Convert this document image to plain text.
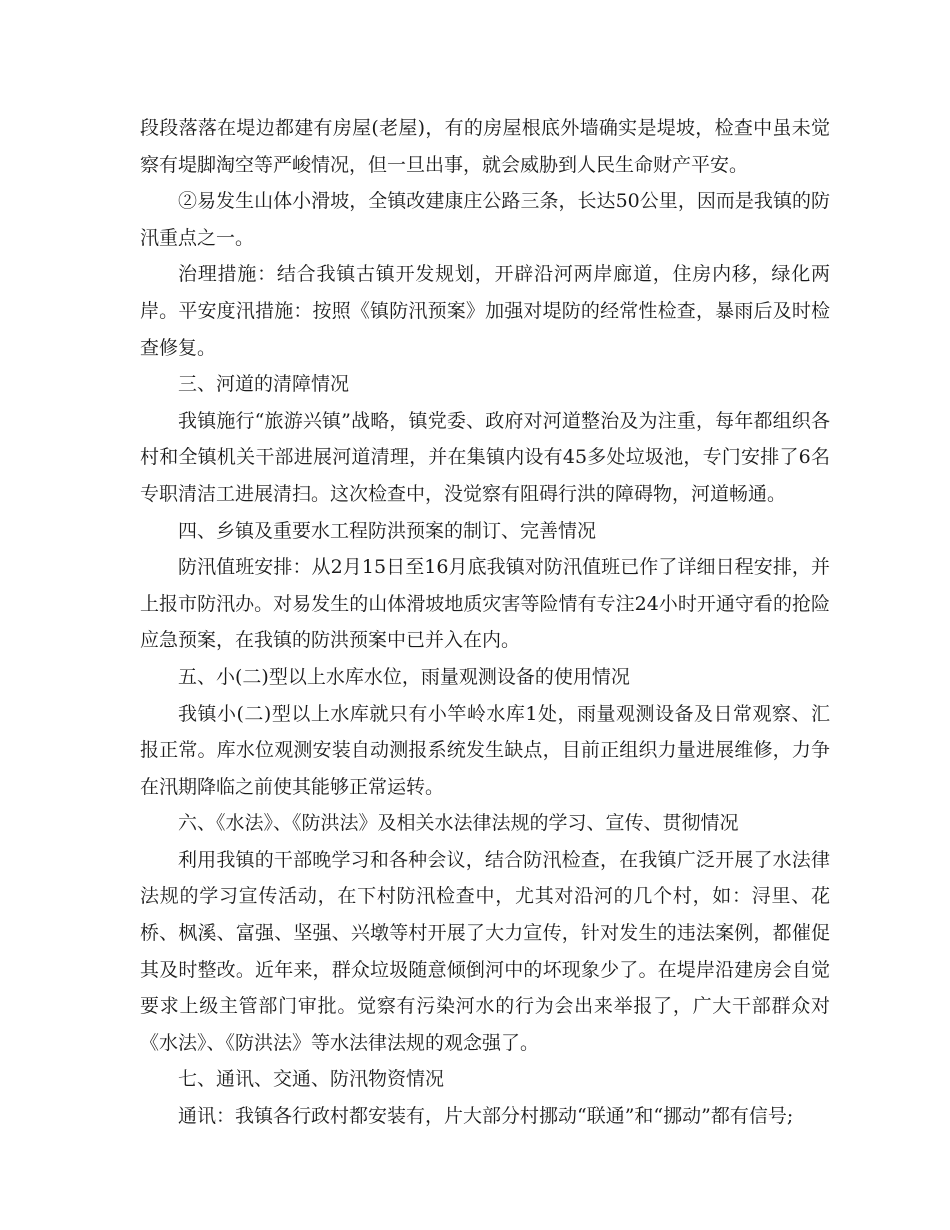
段段落落在堤边都建有房屋(老屋)，有的房屋根底外墙确实是堤坡，检查中虽未觉察有堤脚淘空等严峻情况，但一旦出事，就会威胁到人民生命财产平安。

②易发生山体小滑坡，全镇改建康庄公路三条，长达50公里，因而是我镇的防汛重点之一。

治理措施：结合我镇古镇开发规划，开辟沿河两岸廊道，住房内移，绿化两岸。平安度汛措施：按照《镇防汛预案》加强对堤防的经常性检查，暴雨后及时检查修复。

三、河道的清障情况

我镇施行“旅游兴镇”战略，镇党委、政府对河道整治及为注重，每年都组织各村和全镇机关干部进展河道清理，并在集镇内设有45多处垃圾池，专门安排了6名专职清洁工进展清扫。这次检查中，没觉察有阻碍行洪的障碍物，河道畅通。

四、乡镇及重要水工程防洪预案的制订、完善情况

防汛值班安排：从2月15日至16月底我镇对防汛值班已作了详细日程安排，并上报市防汛办。对易发生的山体滑坡地质灾害等险情有专注24小时开通守看的抢险应急预案，在我镇的防洪预案中已并入在内。

五、小(二)型以上水库水位，雨量观测设备的使用情况

我镇小(二)型以上水库就只有小竿岭水库1处，雨量观测设备及日常观察、汇报正常。库水位观测安装自动测报系统发生缺点，目前正组织力量进展维修，力争在汛期降临之前使其能够正常运转。

六、《水法》、《防洪法》及相关水法律法规的学习、宣传、贯彻情况

利用我镇的干部晚学习和各种会议，结合防汛检查，在我镇广泛开展了水法律法规的学习宣传活动，在下村防汛检查中，尤其对沿河的几个村，如：浔里、花桥、枫溪、富强、坚强、兴墩等村开展了大力宣传，针对发生的违法案例，都催促其及时整改。近年来，群众垃圾随意倾倒河中的坏现象少了。在堤岸沿建房会自觉要求上级主管部门审批。觉察有污染河水的行为会出来举报了，广大干部群众对《水法》、《防洪法》等水法律法规的观念强了。

七、通讯、交通、防汛物资情况

通讯：我镇各行政村都安装有，片大部分村挪动“联通”和“挪动”都有信号;
